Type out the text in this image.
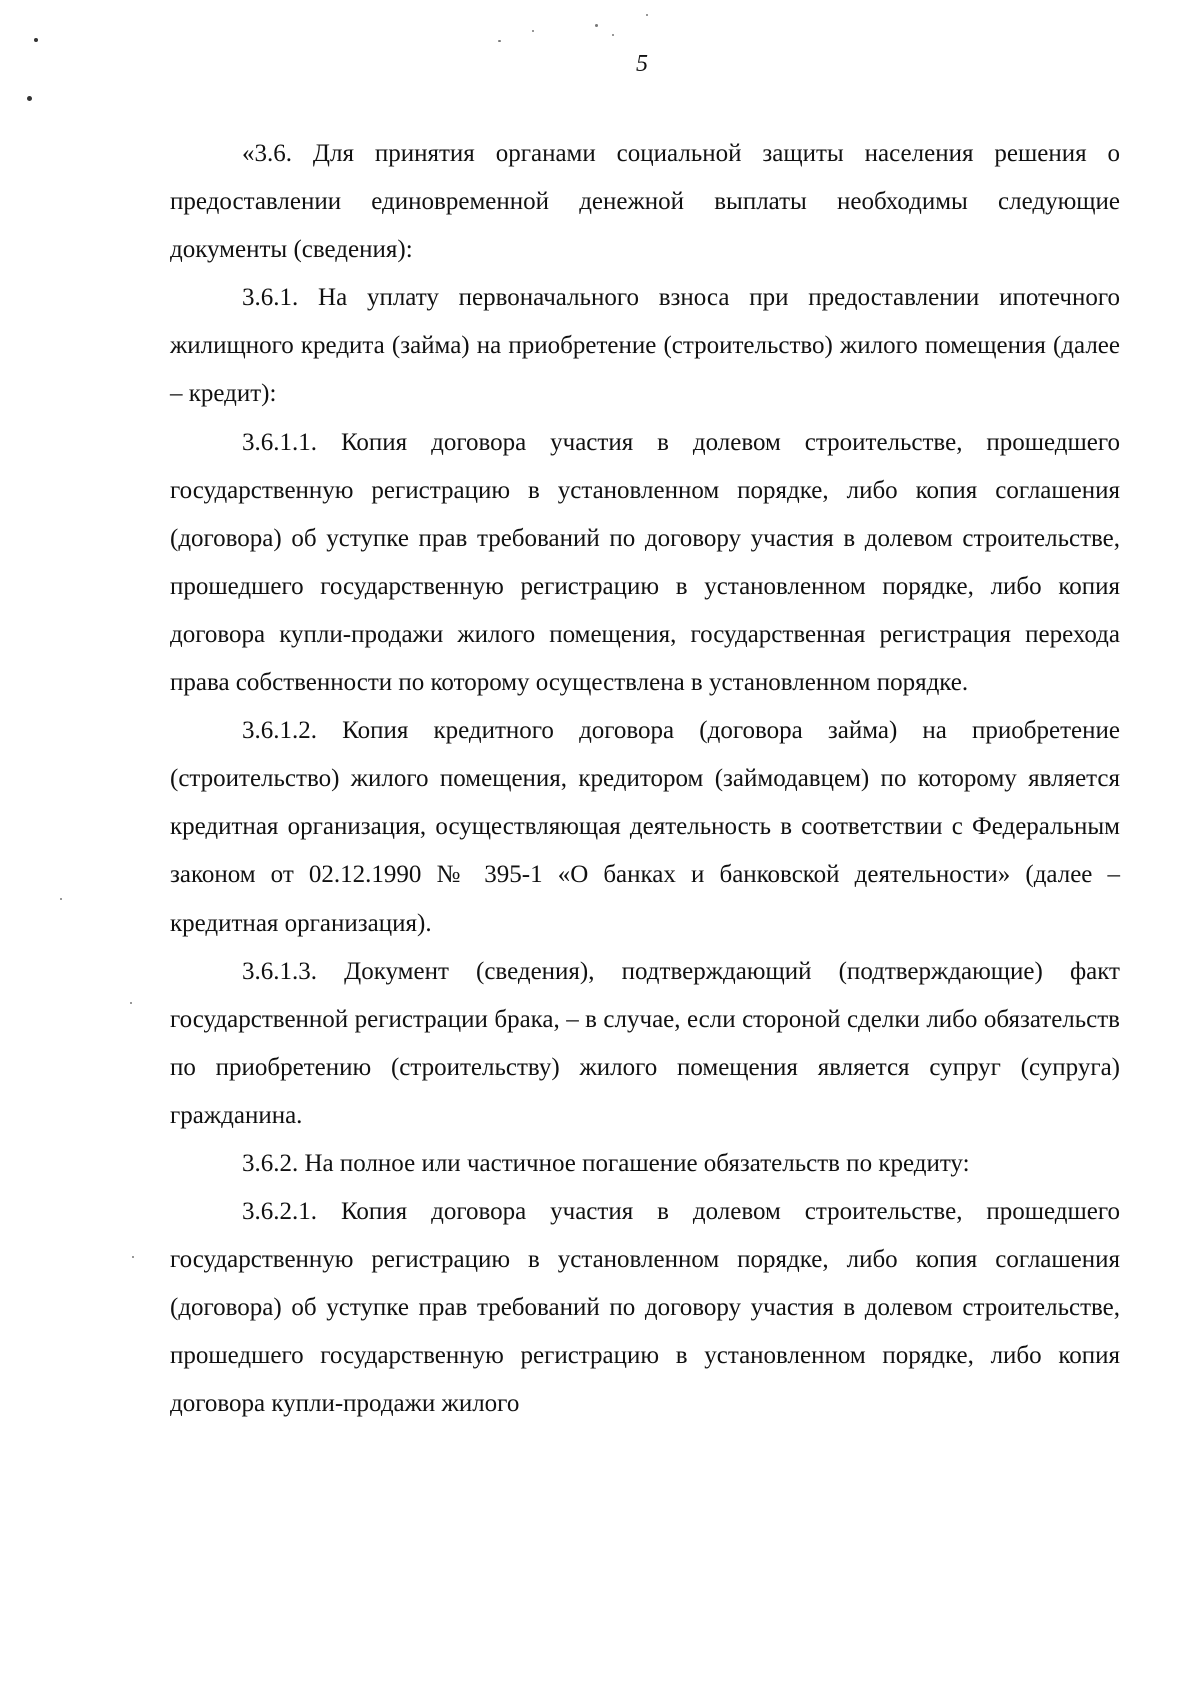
5

«3.6. Для принятия органами социальной защиты населения решения о предоставлении единовременной денежной выплаты необходимы следующие документы (сведения):

3.6.1. На уплату первоначального взноса при предоставлении ипотечного жилищного кредита (займа) на приобретение (строительство) жилого помещения (далее – кредит):

3.6.1.1. Копия договора участия в долевом строительстве, прошедшего государственную регистрацию в установленном порядке, либо копия соглашения (договора) об уступке прав требований по договору участия в долевом строительстве, прошедшего государственную регистрацию в установленном порядке, либо копия договора купли-продажи жилого помещения, государственная регистрация перехода права собственности по которому осуществлена в установленном порядке.

3.6.1.2. Копия кредитного договора (договора займа) на приобретение (строительство) жилого помещения, кредитором (займодавцем) по которому является кредитная организация, осуществляющая деятельность в соответствии с Федеральным законом от 02.12.1990 № 395-1 «О банках и банковской деятельности» (далее – кредитная организация).

3.6.1.3. Документ (сведения), подтверждающий (подтверждающие) факт государственной регистрации брака, – в случае, если стороной сделки либо обязательств по приобретению (строительству) жилого помещения является супруг (супруга) гражданина.

3.6.2. На полное или частичное погашение обязательств по кредиту:

3.6.2.1. Копия договора участия в долевом строительстве, прошедшего государственную регистрацию в установленном порядке, либо копия соглашения (договора) об уступке прав требований по договору участия в долевом строительстве, прошедшего государственную регистрацию в установленном порядке, либо копия договора купли-продажи жилого
